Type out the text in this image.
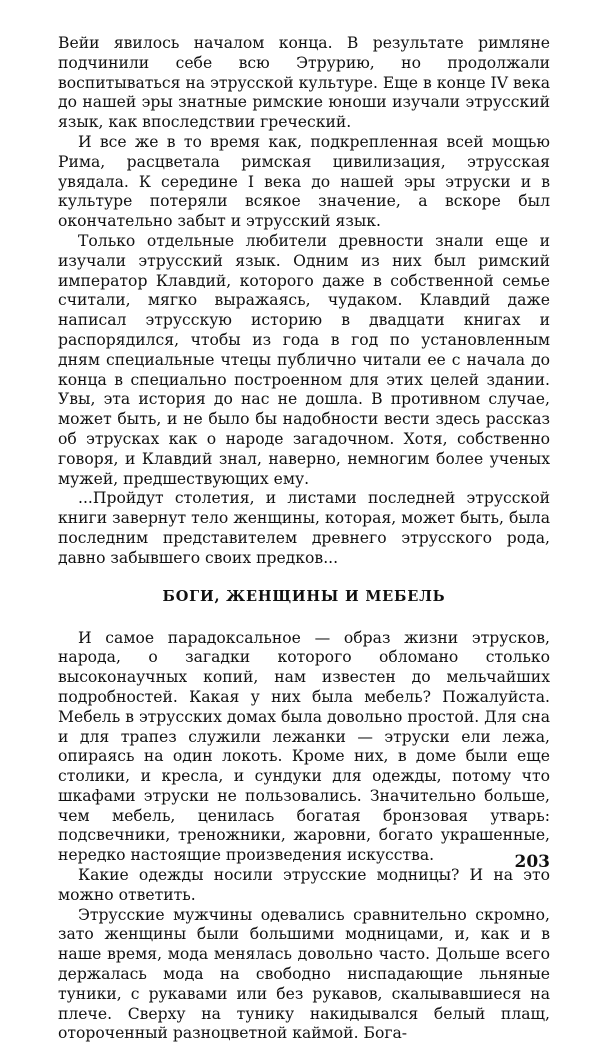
Вейи явилось началом конца. В результате римляне подчинили себе всю Этрурию, но продолжали воспитываться на этрусской культуре. Еще в конце IV века до нашей эры знатные римские юноши изучали этрусский язык, как впоследствии греческий.

И все же в то время как, подкрепленная всей мощью Рима, расцветала римская цивилизация, этрусская увядала. К середине I века до нашей эры этруски и в культуре потеряли всякое значение, а вскоре был окончательно забыт и этрусский язык.

Только отдельные любители древности знали еще и изучали этрусский язык. Одним из них был римский император Клавдий, которого даже в собственной семье считали, мягко выражаясь, чудаком. Клавдий даже написал этрусскую историю в двадцати книгах и распорядился, чтобы из года в год по установленным дням специальные чтецы публично читали ее с начала до конца в специально построенном для этих целей здании. Увы, эта история до нас не дошла. В противном случае, может быть, и не было бы надобности вести здесь рассказ об этрусках как о народе загадочном. Хотя, собственно говоря, и Клавдий знал, наверно, немногим более ученых мужей, предшествующих ему.

...Пройдут столетия, и листами последней этрусской книги завернут тело женщины, которая, может быть, была последним представителем древнего этрусского рода, давно забывшего своих предков...

БОГИ, ЖЕНЩИНЫ И МЕБЕЛЬ

И самое парадоксальное — образ жизни этрусков, народа, о загадки которого обломано столько высоконаучных копий, нам известен до мельчайших подробностей. Какая у них была мебель? Пожалуйста. Мебель в этрусских домах была довольно простой. Для сна и для трапез служили лежанки — этруски ели лежа, опираясь на один локоть. Кроме них, в доме были еще столики, и кресла, и сундуки для одежды, потому что шкафами этруски не пользовались. Значительно больше, чем мебель, ценилась богатая бронзовая утварь: подсвечники, треножники, жаровни, богато украшенные, нередко настоящие произведения искусства.

Какие одежды носили этрусские модницы? И на это можно ответить.

Этрусские мужчины одевались сравнительно скромно, зато женщины были большими модницами, и, как и в наше время, мода менялась довольно часто. Дольше всего держалась мода на свободно ниспадающие льняные туники, с рукавами или без рукавов, скалывавшиеся на плече. Сверху на тунику накидывался белый плащ, отороченный разноцветной каймой. Бога-

203
